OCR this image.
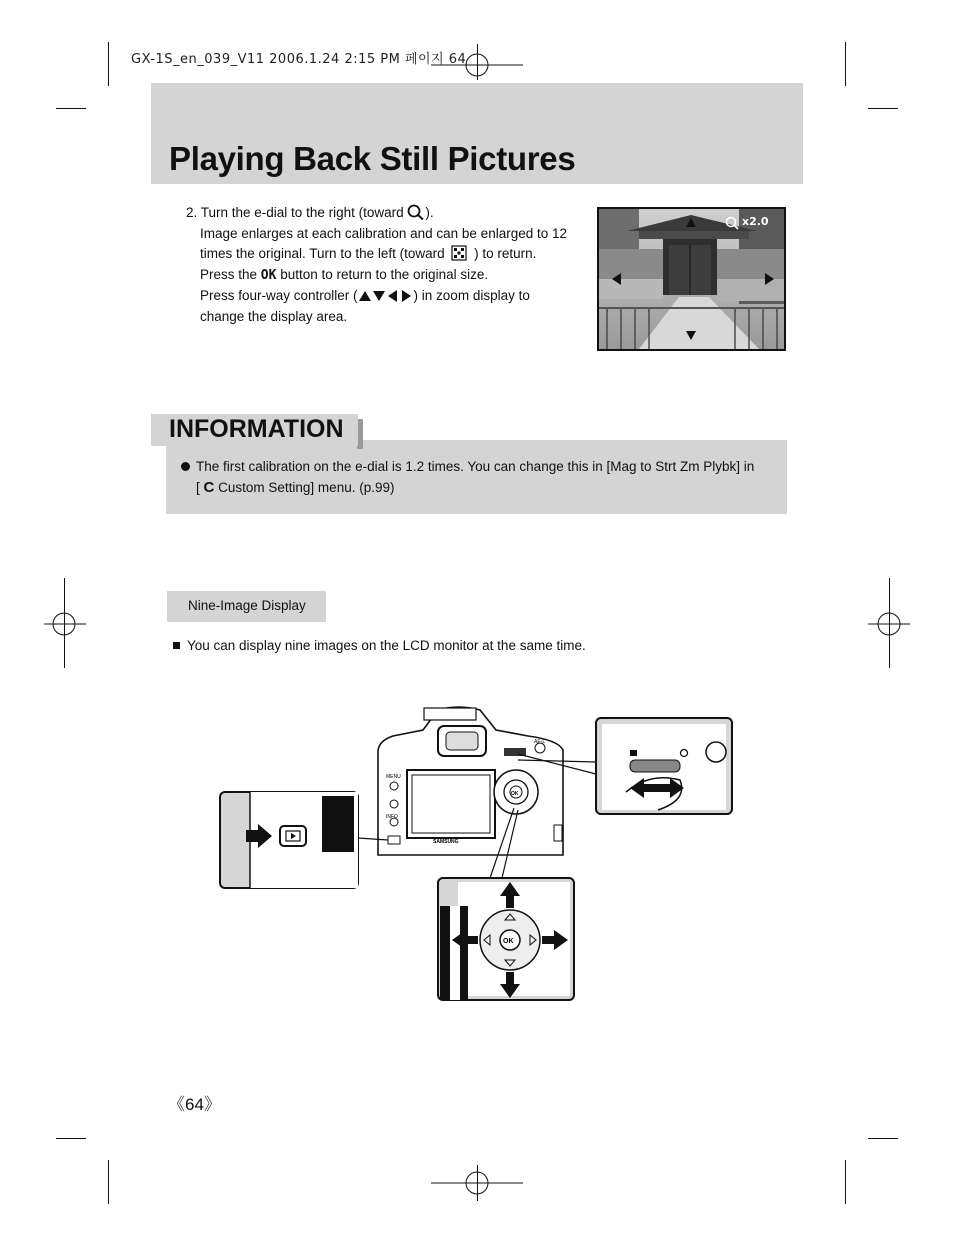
GX-1S_en_039_V11 2006.1.24 2:15 PM 페이지 64
Playing Back Still Pictures
2. Turn the e-dial to the right (toward ).
Image enlarges at each calibration and can be enlarged to 12
times the original. Turn to the left (toward ) to return.
Press the OK button to return to the original size.
Press four-way controller (	) in zoom display to
change the display area.
x2.0
INFORMATION
The first calibration on the e-dial is 1.2 times. You can change this in [Mag to Strt Zm Plybk] in
[ C Custom Setting] menu. (p.99)
Nine-Image Display
You can display nine images on the LCD monitor at the same time.
MENU
INFO
SAMSUNG
OK
AE-L
OK
《64》
